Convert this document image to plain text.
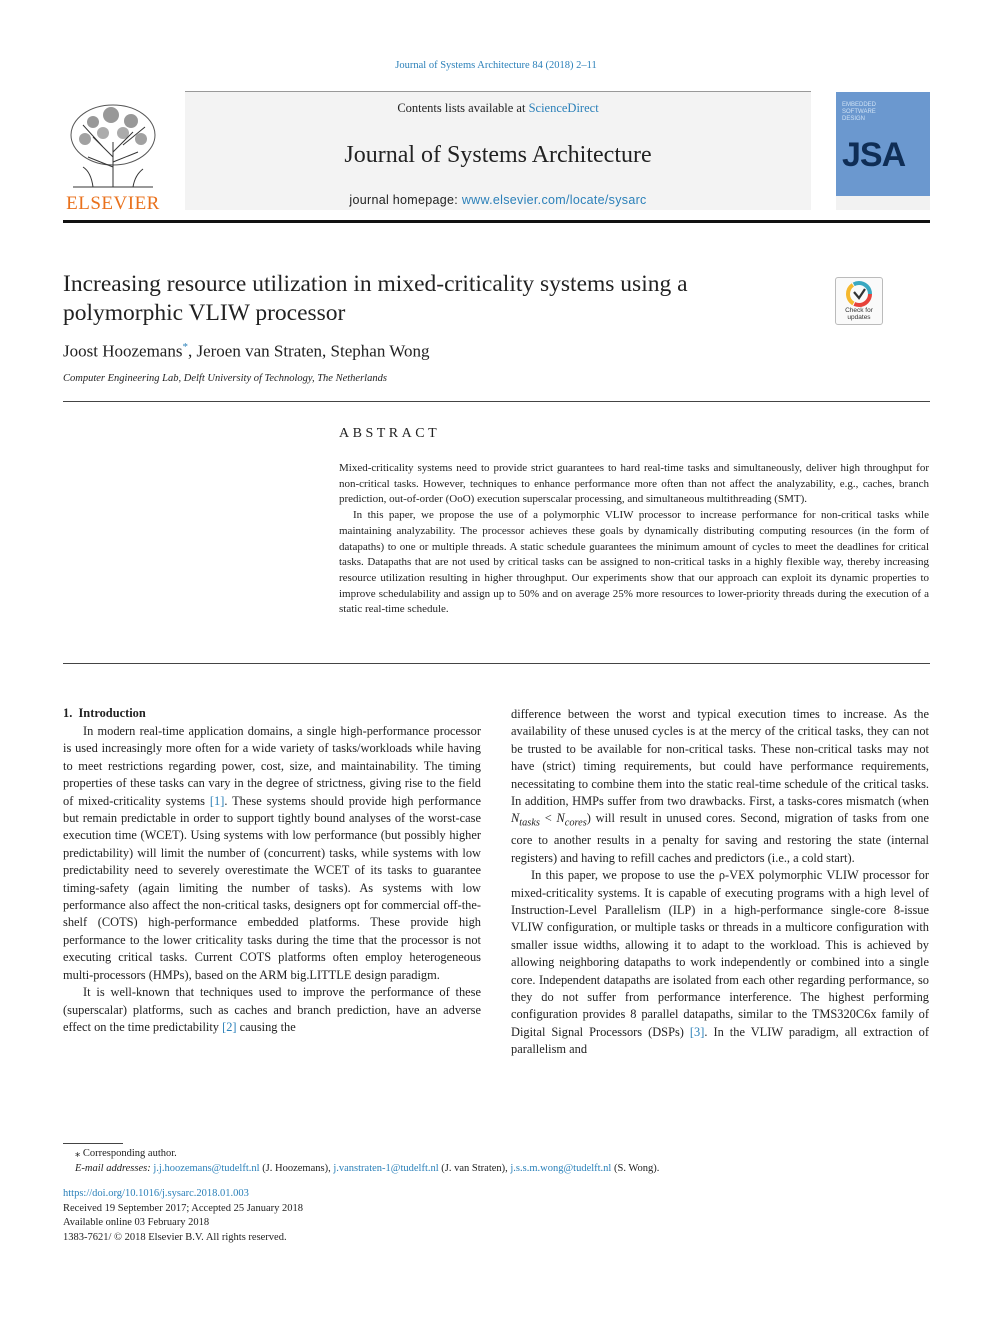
Journal of Systems Architecture 84 (2018) 2–11
Contents lists available at ScienceDirect
Journal of Systems Architecture
journal homepage: www.elsevier.com/locate/sysarc
ELSEVIER
EMBEDDED
SOFTWARE
DESIGN
JSA
Increasing resource utilization in mixed-criticality systems using a polymorphic VLIW processor	Check for updates
Joost Hoozemans*, Jeroen van Straten, Stephan Wong
Computer Engineering Lab, Delft University of Technology, The Netherlands
ABSTRACT

Mixed-criticality systems need to provide strict guarantees to hard real-time tasks and simultaneously, deliver high throughput for non-critical tasks. However, techniques to enhance performance more often than not affect the analyzability, e.g., caches, branch prediction, out-of-order (OoO) execution superscalar processing, and simultaneous multithreading (SMT).

In this paper, we propose the use of a polymorphic VLIW processor to increase performance for non-critical tasks while maintaining analyzability. The processor achieves these goals by dynamically distributing computing resources (in the form of datapaths) to one or multiple threads. A static schedule guarantees the minimum amount of cycles to meet the deadlines for critical tasks. Datapaths that are not used by critical tasks can be assigned to non-critical tasks in a highly flexible way, thereby increasing resource utilization resulting in higher throughput. Our experiments show that our approach can exploit its dynamic properties to improve schedulability and assign up to 50% and on average 25% more resources to lower-priority threads during the execution of a static real-time schedule.

1.  Introduction

In modern real-time application domains, a single high-performance processor is used increasingly more often for a wide variety of tasks/workloads while having to meet restrictions regarding power, cost, size, and maintainability. The timing properties of these tasks can vary in the degree of strictness, giving rise to the field of mixed-criticality systems [1]. These systems should provide high performance but remain predictable in order to support tightly bound analyses of the worst-case execution time (WCET). Using systems with low performance (but possibly higher predictability) will limit the number of (concurrent) tasks, while systems with low predictability need to severely overestimate the WCET of its tasks to guarantee timing-safety (again limiting the number of tasks). As systems with low performance also affect the non-critical tasks, designers opt for commercial off-the-shelf (COTS) high-performance embedded platforms. These provide high performance to the lower criticality tasks during the time that the processor is not executing critical tasks. Current COTS platforms often employ heterogeneous multi-processors (HMPs), based on the ARM big.LITTLE design paradigm.

It is well-known that techniques used to improve the performance of these (superscalar) platforms, such as caches and branch prediction, have an adverse effect on the time predictability [2] causing the

difference between the worst and typical execution times to increase. As the availability of these unused cycles is at the mercy of the critical tasks, they can not be trusted to be available for non-critical tasks. These non-critical tasks may not have (strict) timing requirements, but could have performance requirements, necessitating to combine them into the static real-time schedule of the critical tasks. In addition, HMPs suffer from two drawbacks. First, a tasks-cores mismatch (when $N_{tasks} < N_{cores}$) will result in unused cores. Second, migration of tasks from one core to another results in a penalty for saving and restoring the state (internal registers) and having to refill caches and predictors (i.e., a cold start).

In this paper, we propose to use the ρ-VEX polymorphic VLIW processor for mixed-criticality systems. It is capable of executing programs with a high level of Instruction-Level Parallelism (ILP) in a high-performance single-core 8-issue VLIW configuration, or multiple tasks or threads in a multicore configuration with smaller issue widths, allowing it to adapt to the workload. This is achieved by allowing neighboring datapaths to work independently or combined into a single core. Independent datapaths are isolated from each other regarding performance, so they do not suffer from performance interference. The highest performing configuration provides 8 parallel datapaths, similar to the TMS320C6x family of Digital Signal Processors (DSPs) [3]. In the VLIW paradigm, all extraction of parallelism and

⁎ Corresponding author.
E-mail addresses: j.j.hoozemans@tudelft.nl (J. Hoozemans), j.vanstraten-1@tudelft.nl (J. van Straten), j.s.s.m.wong@tudelft.nl (S. Wong).
https://doi.org/10.1016/j.sysarc.2018.01.003
Received 19 September 2017; Accepted 25 January 2018
Available online 03 February 2018
1383-7621/ © 2018 Elsevier B.V. All rights reserved.
